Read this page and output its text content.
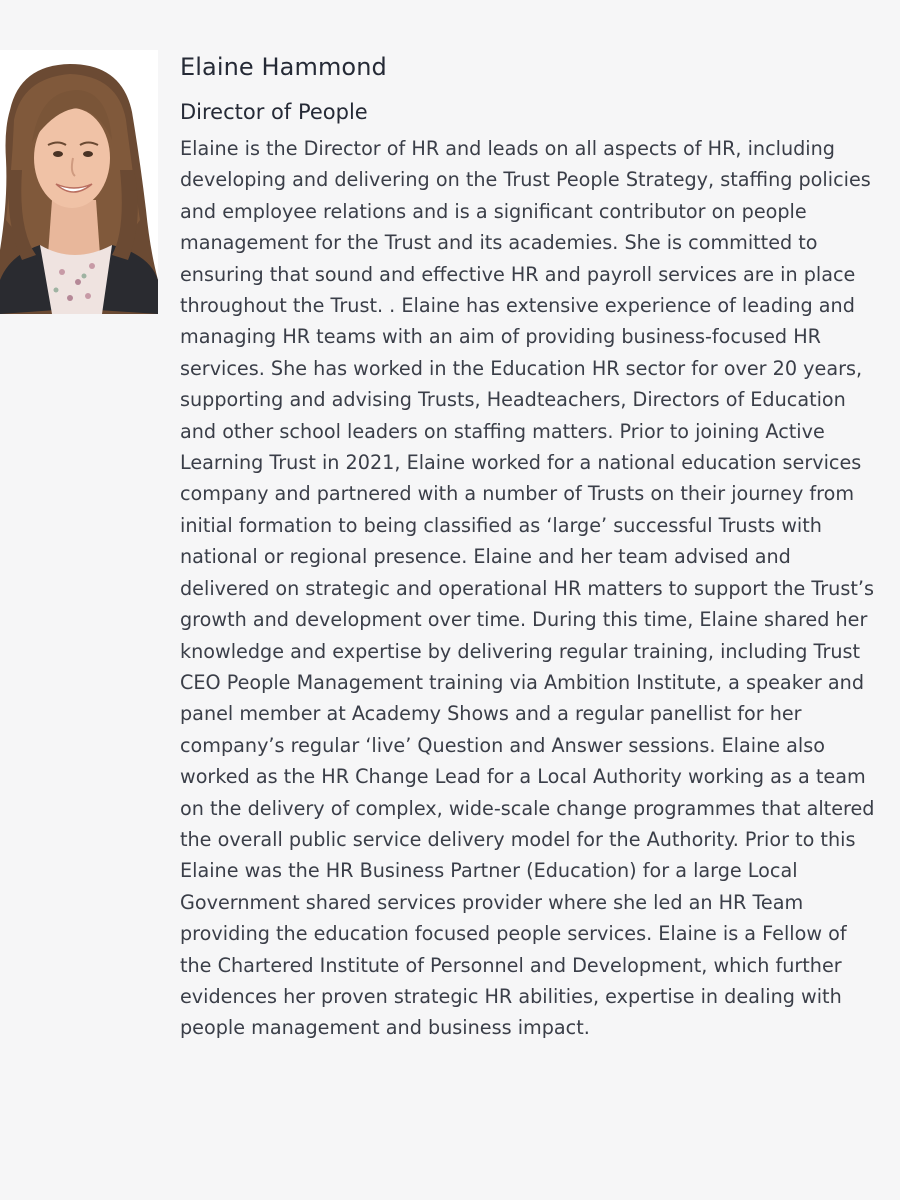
Elaine Hammond
Director of People

Elaine is the Director of HR and leads on all aspects of HR, including developing and delivering on the Trust People Strategy, staffing policies and employee relations and is a significant contributor on people management for the Trust and its academies. She is committed to ensuring that sound and effective HR and payroll services are in place throughout the Trust. . Elaine has extensive experience of leading and managing HR teams with an aim of providing business-focused HR services. She has worked in the Education HR sector for over 20 years, supporting and advising Trusts, Headteachers, Directors of Education and other school leaders on staffing matters. Prior to joining Active Learning Trust in 2021, Elaine worked for a national education services company and partnered with a number of Trusts on their journey from initial formation to being classified as ‘large’ successful Trusts with national or regional presence. Elaine and her team advised and delivered on strategic and operational HR matters to support the Trust’s growth and development over time. During this time, Elaine shared her knowledge and expertise by delivering regular training, including Trust CEO People Management training via Ambition Institute, a speaker and panel member at Academy Shows and a regular panellist for her company’s regular ‘live’ Question and Answer sessions. Elaine also worked as the HR Change Lead for a Local Authority working as a team on the delivery of complex, wide-scale change programmes that altered the overall public service delivery model for the Authority. Prior to this Elaine was the HR Business Partner (Education) for a large Local Government shared services provider where she led an HR Team providing the education focused people services. Elaine is a Fellow of the Chartered Institute of Personnel and Development, which further evidences her proven strategic HR abilities, expertise in dealing with people management and business impact.
